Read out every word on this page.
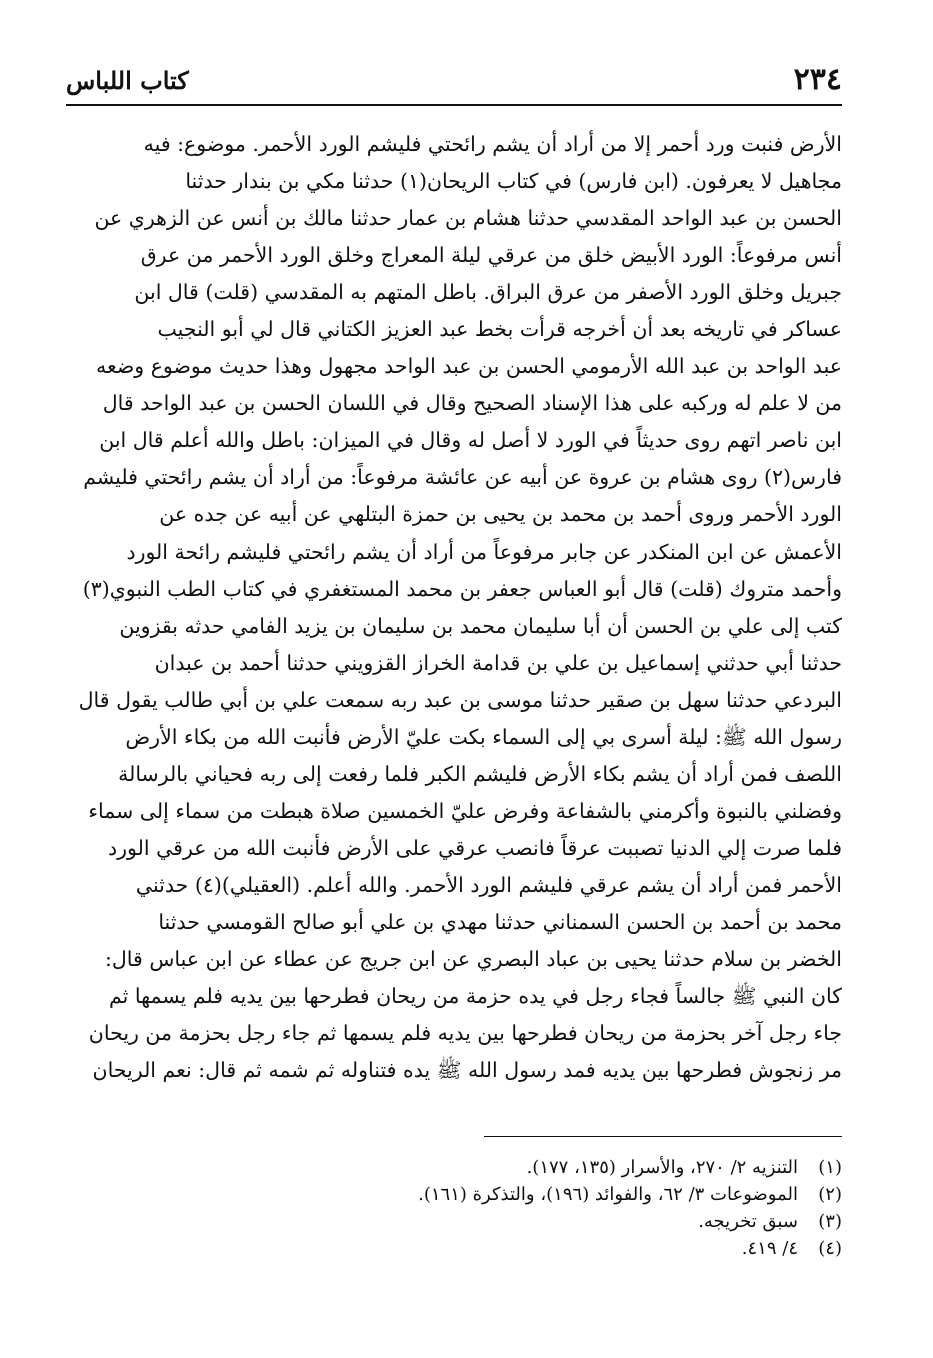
٢٣٤
كتاب اللباس
الأرض فنبت ورد أحمر إلا من أراد أن يشم رائحتي فليشم الورد الأحمر. موضوع: فيه
مجاهيل لا يعرفون. (ابن فارس) في كتاب الريحان(١) حدثنا مكي بن بندار حدثنا
الحسن بن عبد الواحد المقدسي حدثنا هشام بن عمار حدثنا مالك بن أنس عن الزهري عن
أنس مرفوعاً: الورد الأبيض خلق من عرقي ليلة المعراج وخلق الورد الأحمر من عرق
جبريل وخلق الورد الأصفر من عرق البراق. باطل المتهم به المقدسي (قلت) قال ابن
عساكر في تاريخه بعد أن أخرجه قرأت بخط عبد العزيز الكتاني قال لي أبو النجيب
عبد الواحد بن عبد الله الأرمومي الحسن بن عبد الواحد مجهول وهذا حديث موضوع وضعه
من لا علم له وركبه على هذا الإسناد الصحيح وقال في اللسان الحسن بن عبد الواحد قال
ابن ناصر اتهم روى حديثاً في الورد لا أصل له وقال في الميزان: باطل والله أعلم قال ابن
فارس(٢) روى هشام بن عروة عن أبيه عن عائشة مرفوعاً: من أراد أن يشم رائحتي فليشم
الورد الأحمر وروى أحمد بن محمد بن يحيى بن حمزة البتلهي عن أبيه عن جده عن
الأعمش عن ابن المنكدر عن جابر مرفوعاً من أراد أن يشم رائحتي فليشم رائحة الورد
وأحمد متروك (قلت) قال أبو العباس جعفر بن محمد المستغفري في كتاب الطب النبوي(٣)
كتب إلى علي بن الحسن أن أبا سليمان محمد بن سليمان بن يزيد الفامي حدثه بقزوين
حدثنا أبي حدثني إسماعيل بن علي بن قدامة الخراز القزويني حدثنا أحمد بن عبدان
البردعي حدثنا سهل بن صقير حدثنا موسى بن عبد ربه سمعت علي بن أبي طالب يقول قال
رسول الله ﷺ: ليلة أسرى بي إلى السماء بكت عليّ الأرض فأنبت الله من بكاء الأرض
اللصف فمن أراد أن يشم بكاء الأرض فليشم الكبر فلما رفعت إلى ربه فحياني بالرسالة
وفضلني بالنبوة وأكرمني بالشفاعة وفرض عليّ الخمسين صلاة هبطت من سماء إلى سماء
فلما صرت إلي الدنيا تصببت عرقاً فانصب عرقي على الأرض فأنبت الله من عرقي الورد
الأحمر فمن أراد أن يشم عرقي فليشم الورد الأحمر. والله أعلم. (العقيلي)(٤) حدثني
محمد بن أحمد بن الحسن السمناني حدثنا مهدي بن علي أبو صالح القومسي حدثنا
الخضر بن سلام حدثنا يحيى بن عباد البصري عن ابن جريج عن عطاء عن ابن عباس قال:
كان النبي ﷺ جالساً فجاء رجل في يده حزمة من ريحان فطرحها بين يديه فلم يسمها ثم
جاء رجل آخر بحزمة من ريحان فطرحها بين يديه فلم يسمها ثم جاء رجل بحزمة من ريحان
مر زنجوش فطرحها بين يديه فمد رسول الله ﷺ يده فتناوله ثم شمه ثم قال: نعم الريحان
(١)التنزيه ٢/ ٢٧٠، والأسرار (١٣٥، ١٧٧).
(٢)الموضوعات ٣/ ٦٢، والفوائد (١٩٦)، والتذكرة (١٦١).
(٣)سبق تخريجه.
(٤)٤/ ٤١٩.
